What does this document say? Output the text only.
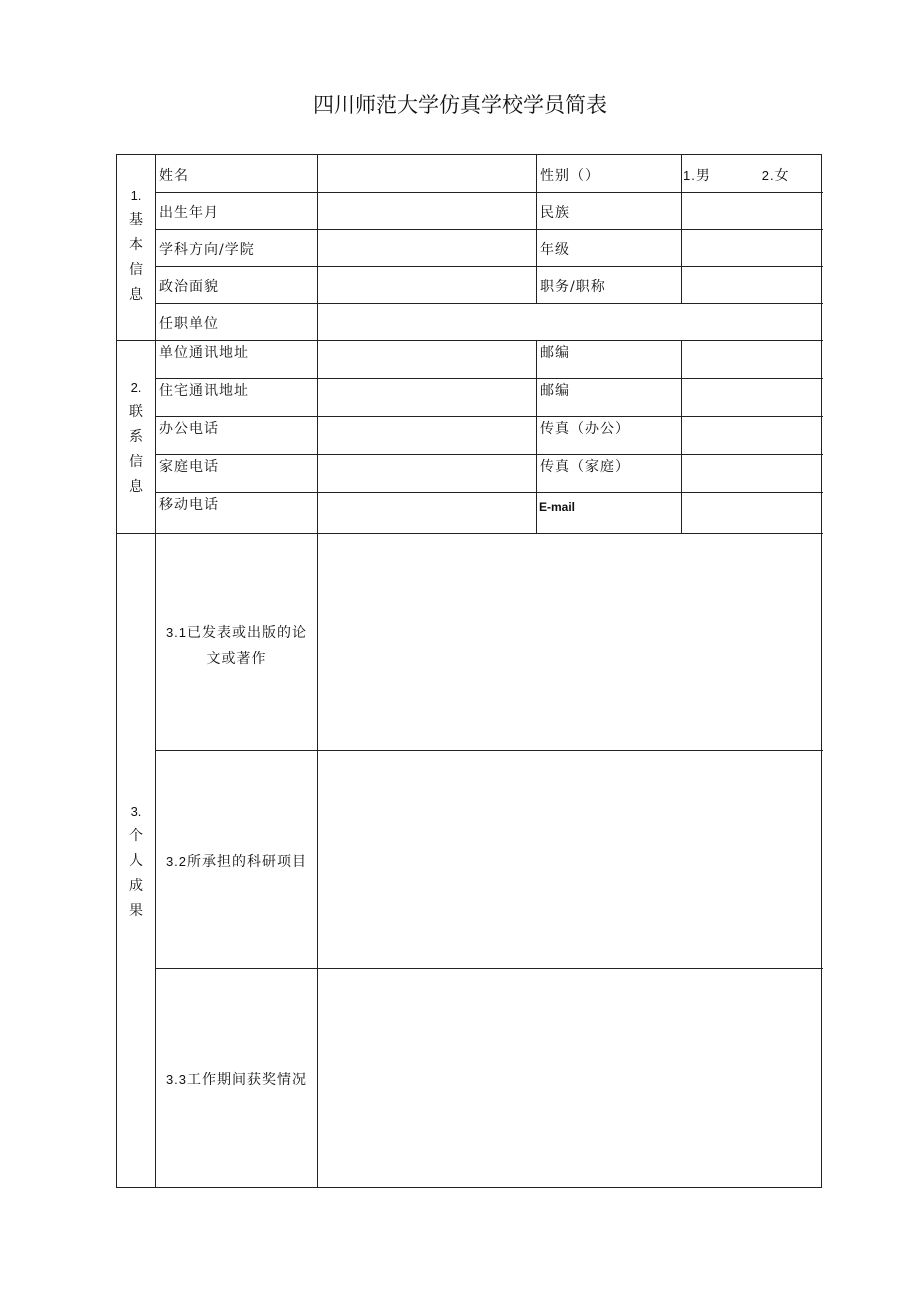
四川师范大学仿真学校学员简表
1.
基
本
信
息
姓名	性别（）	1.男	2.女
出生年月	民族
学科方向/学院	年级
政治面貌	职务/职称
任职单位
2.
联
系
信
息
单位通讯地址	邮编
住宅通讯地址	邮编
办公电话	传真（办公）
家庭电话	传真（家庭）
移动电话	E-mail
3.
个
人
成
果
3.1已发表或出版的论
文或著作
3.2所承担的科研项目
3.3工作期间获奖情况
